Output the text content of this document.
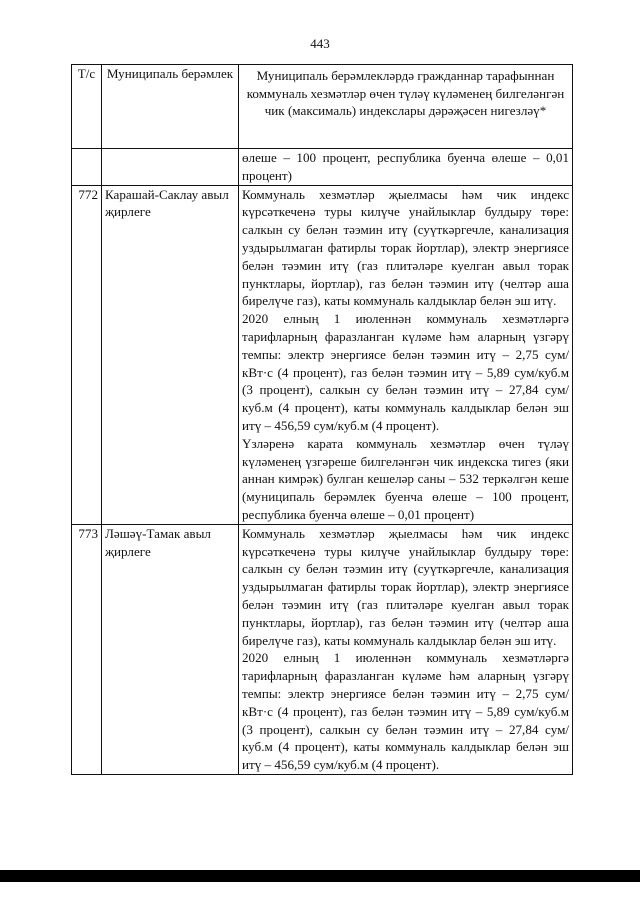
443
Т/с	Муниципаль берәмлек	Муниципаль берәмлекләрдә гражданнар тарафыннан коммуналь хезмәтләр өчен түләү күләменең билгеләнгән чик (максималь) индекслары дәрәҗәсен нигезләү*
		өлеше – 100 процент, республика буенча өлеше – 0,01 процент)
772	Карашай-Саклау авыл җирлеге	Коммуналь хезмәтләр җыелмасы һәм чик индекс күрсәткеченә туры килүче унайлыклар булдыру төре: салкын су белән тәэмин итү (суүткәргечле, канализация уздырылмаган фатирлы торак йортлар), электр энергиясе белән тәэмин итү (газ плитәләре куелган авыл торак пунктлары, йортлар), газ белән тәэмин итү (челтәр аша бирелүче газ), каты коммуналь калдыклар белән эш итү.

2020 елның 1 июленнән коммуналь хезмәтләргә тарифларның фаразланган күләме һәм аларның үзгәрү темпы: электр энергиясе белән тәэмин итү – 2,75 сум/кВт·с (4 процент), газ белән тәэмин итү – 5,89 сум/куб.м (3 процент), салкын су белән тәэмин итү – 27,84 сум/куб.м (4 процент), каты коммуналь калдыклар белән эш итү – 456,59 сум/куб.м (4 процент).

Үзләренә карата коммуналь хезмәтләр өчен түләү күләменең үзгәреше билгеләнгән чик индекска тигез (яки аннан кимрәк) булган кешеләр саны – 532 теркәлгән кеше (муниципаль берәмлек буенча өлеше – 100 процент, республика буенча өлеше – 0,01 процент)

773	Ләшәү-Тамак авыл җирлеге	Коммуналь хезмәтләр җыелмасы һәм чик индекс күрсәткеченә туры килүче унайлыклар булдыру төре: салкын су белән тәэмин итү (суүткәргечле, канализация уздырылмаган фатирлы торак йортлар), электр энергиясе белән тәэмин итү (газ плитәләре куелган авыл торак пунктлары, йортлар), газ белән тәэмин итү (челтәр аша бирелүче газ), каты коммуналь калдыклар белән эш итү.

2020 елның 1 июленнән коммуналь хезмәтләргә тарифларның фаразланган күләме һәм аларның үзгәрү темпы: электр энергиясе белән тәэмин итү – 2,75 сум/кВт·с (4 процент), газ белән тәэмин итү – 5,89 сум/куб.м (3 процент), салкын су белән тәэмин итү – 27,84 сум/куб.м (4 процент), каты коммуналь калдыклар белән эш итү – 456,59 сум/куб.м (4 процент).
